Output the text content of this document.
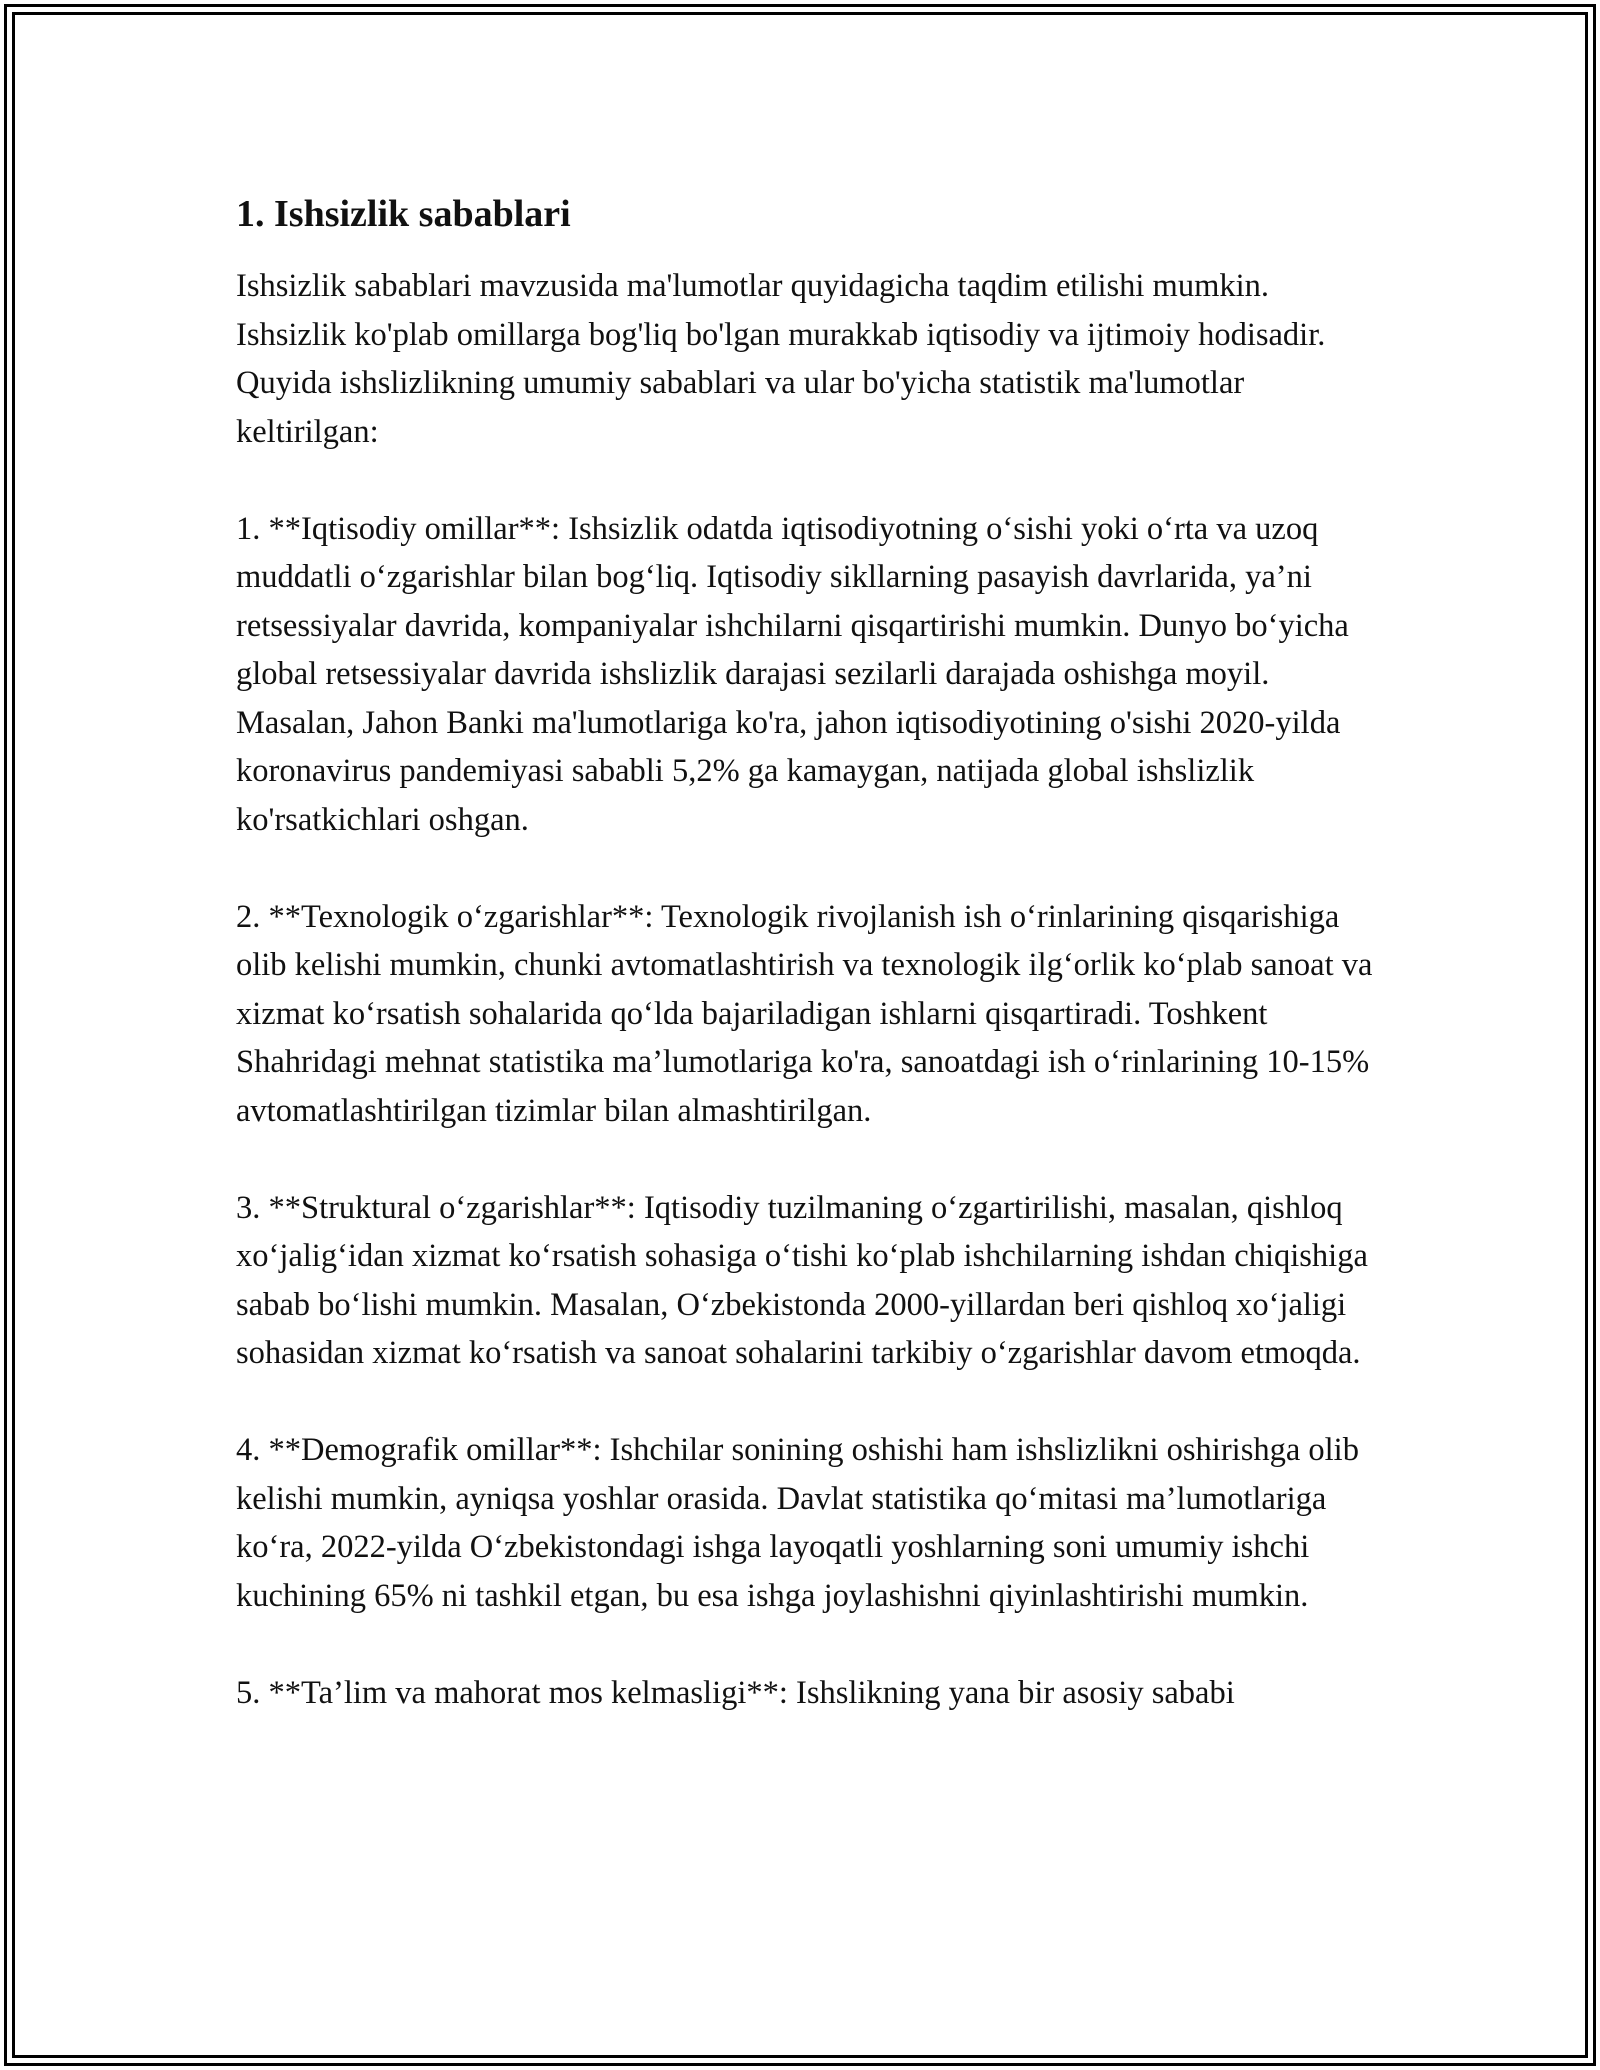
1. Ishsizlik sabablari

Ishsizlik sabablari mavzusida ma'lumotlar quyidagicha taqdim etilishi mumkin. Ishsizlik ko'plab omillarga bog'liq bo'lgan murakkab iqtisodiy va ijtimoiy hodisadir. Quyida ishslizlikning umumiy sabablari va ular bo'yicha statistik ma'lumotlar keltirilgan:

1. **Iqtisodiy omillar**: Ishsizlik odatda iqtisodiyotning o‘sishi yoki o‘rta va uzoq muddatli o‘zgarishlar bilan bog‘liq. Iqtisodiy sikllarning pasayish davrlarida, ya’ni retsessiyalar davrida, kompaniyalar ishchilarni qisqartirishi mumkin. Dunyo bo‘yicha global retsessiyalar davrida ishslizlik darajasi sezilarli darajada oshishga moyil. Masalan, Jahon Banki ma'lumotlariga ko'ra, jahon iqtisodiyotining o'sishi 2020-yilda koronavirus pandemiyasi sababli 5,2% ga kamaygan, natijada global ishslizlik ko'rsatkichlari oshgan.

2. **Texnologik o‘zgarishlar**: Texnologik rivojlanish ish o‘rinlarining qisqarishiga olib kelishi mumkin, chunki avtomatlashtirish va texnologik ilg‘orlik ko‘plab sanoat va xizmat ko‘rsatish sohalarida qo‘lda bajariladigan ishlarni qisqartiradi. Toshkent Shahridagi mehnat statistika ma’lumotlariga ko'ra, sanoatdagi ish o‘rinlarining 10-15% avtomatlashtirilgan tizimlar bilan almashtirilgan.

3. **Struktural o‘zgarishlar**: Iqtisodiy tuzilmaning o‘zgartirilishi, masalan, qishloq xo‘jalig‘idan xizmat ko‘rsatish sohasiga o‘tishi ko‘plab ishchilarning ishdan chiqishiga sabab bo‘lishi mumkin. Masalan, O‘zbekistonda 2000-yillardan beri qishloq xo‘jaligi sohasidan xizmat ko‘rsatish va sanoat sohalarini tarkibiy o‘zgarishlar davom etmoqda.

4. **Demografik omillar**: Ishchilar sonining oshishi ham ishslizlikni oshirishga olib kelishi mumkin, ayniqsa yoshlar orasida. Davlat statistika qo‘mitasi ma’lumotlariga ko‘ra, 2022-yilda O‘zbekistondagi ishga layoqatli yoshlarning soni umumiy ishchi kuchining 65% ni tashkil etgan, bu esa ishga joylashishni qiyinlashtirishi mumkin.

5. **Ta’lim va mahorat mos kelmasligi**: Ishslikning yana bir asosiy sababi
